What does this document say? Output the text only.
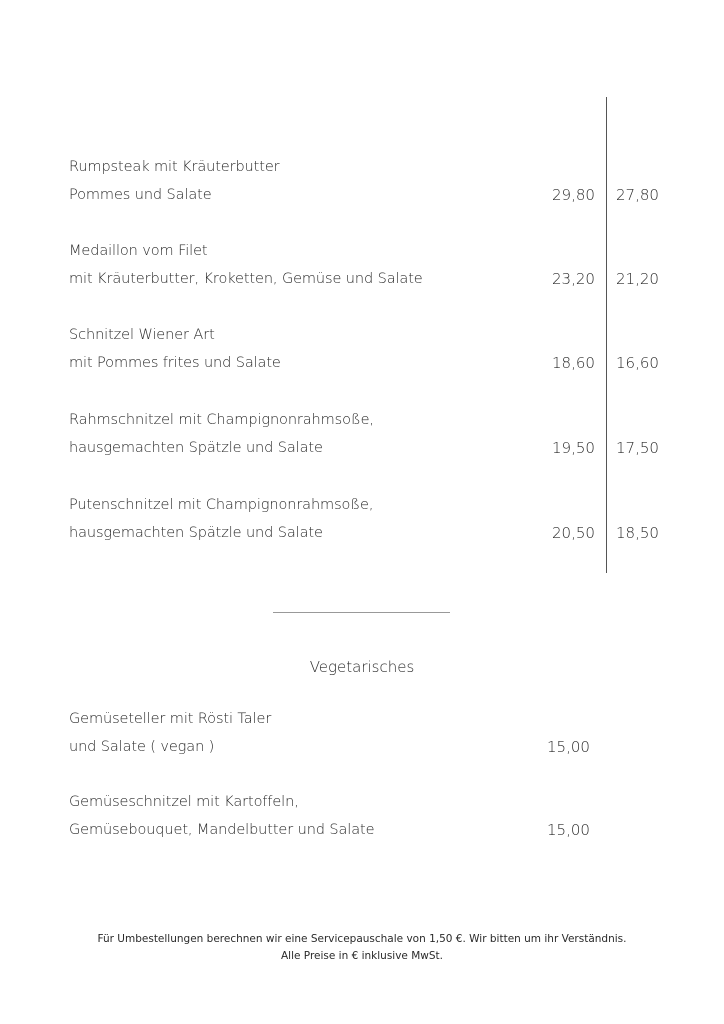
Rumpsteak mit Kräuterbutter
Pommes und Salate	29,80 27,80
Medaillon vom Filet
mit Kräuterbutter, Kroketten, Gemüse und Salate	23,20 21,20
Schnitzel Wiener Art
mit Pommes frites und Salate	18,60 16,60
Rahmschnitzel mit Champignonrahmsoße,
hausgemachten Spätzle und Salate	19,50 17,50
Putenschnitzel mit Champignonrahmsoße,
hausgemachten Spätzle und Salate	20,50 18,50
Vegetarisches
Gemüseteller mit Rösti Taler
und Salate ( vegan )	15,00
Gemüseschnitzel mit Kartoffeln,
Gemüsebouquet, Mandelbutter und Salate	15,00
Für Umbestellungen berechnen wir eine Servicepauschale von 1,50 €. Wir bitten um ihr Verständnis.
Alle Preise in € inklusive MwSt.
